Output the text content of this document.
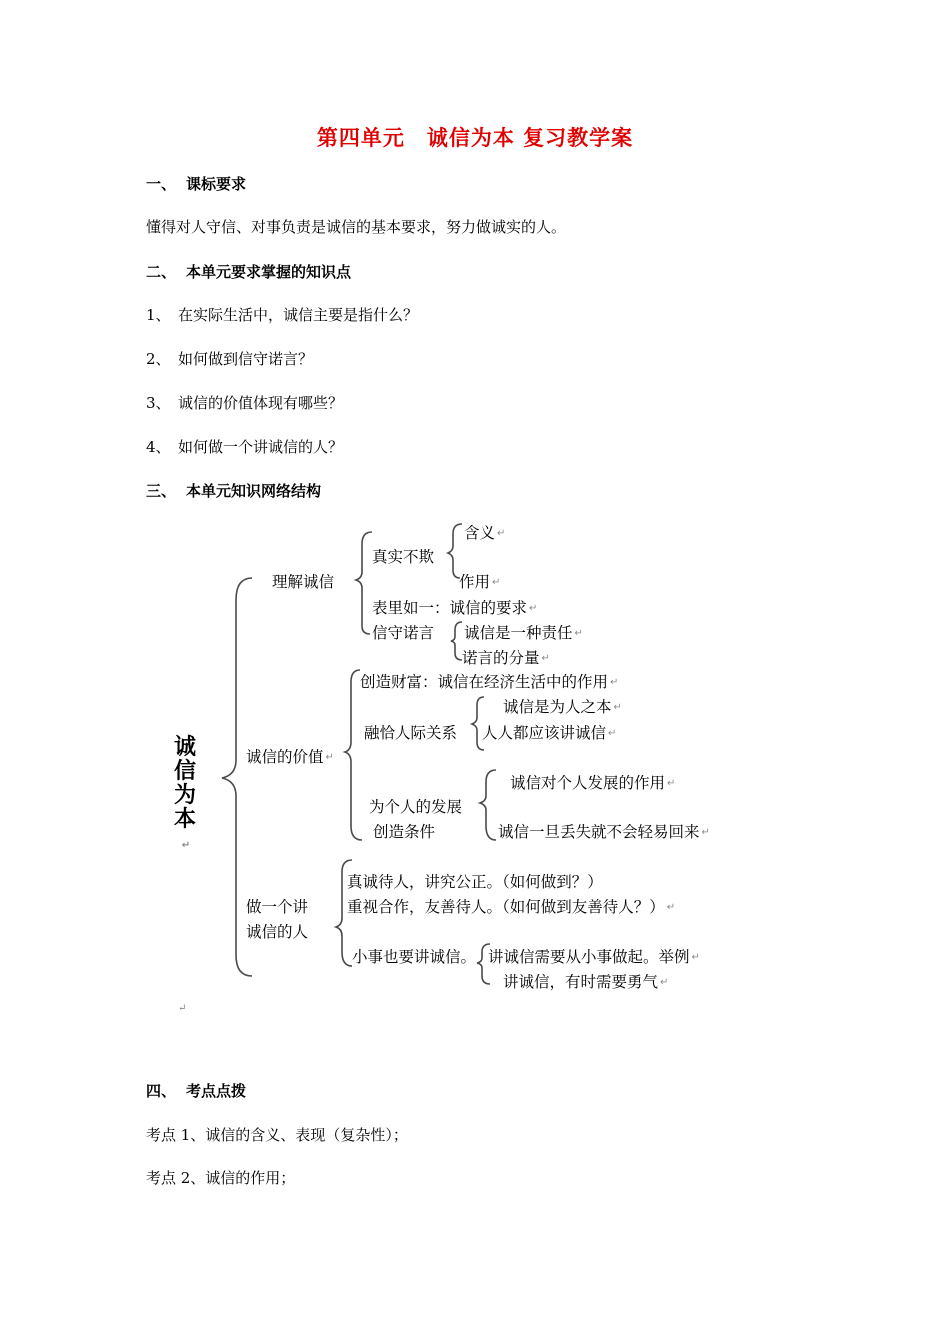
第四单元　诚信为本 复习教学案
一、 课标要求
懂得对人守信、对事负责是诚信的基本要求，努力做诚实的人。
二、 本单元要求掌握的知识点
1、 在实际生活中，诚信主要是指什么？
2、 如何做到信守诺言？
3、 诚信的价值体现有哪些？
4、 如何做一个讲诚信的人？
三、 本单元知识网络结构
诚信为本↵
理解诚信
真实不欺
含义 ↵
作用 ↵
表里如一：诚信的要求 ↵
信守诺言 诚信是一种责任 ↵
诺言的分量 ↵
诚信的价值 ↵
创造财富：诚信在经济生活中的作用 ↵
融恰人际关系
诚信是为人之本 ↵
人人都应该讲诚信 ↵
为个人的发展
创造条件
诚信对个人发展的作用 ↵
诚信一旦丢失就不会轻易回来 ↵
做一个讲
诚信的人
真诚待人，讲究公正。（如何做到？）
重视合作，友善待人。（如何做到友善待人？） ↵
小事也要讲诚信。 讲诚信需要从小事做起。举例 ↵
讲诚信，有时需要勇气 ↵
↵
四、 考点点拨
考点 1、诚信的含义、表现（复杂性）；
考点 2、诚信的作用；
